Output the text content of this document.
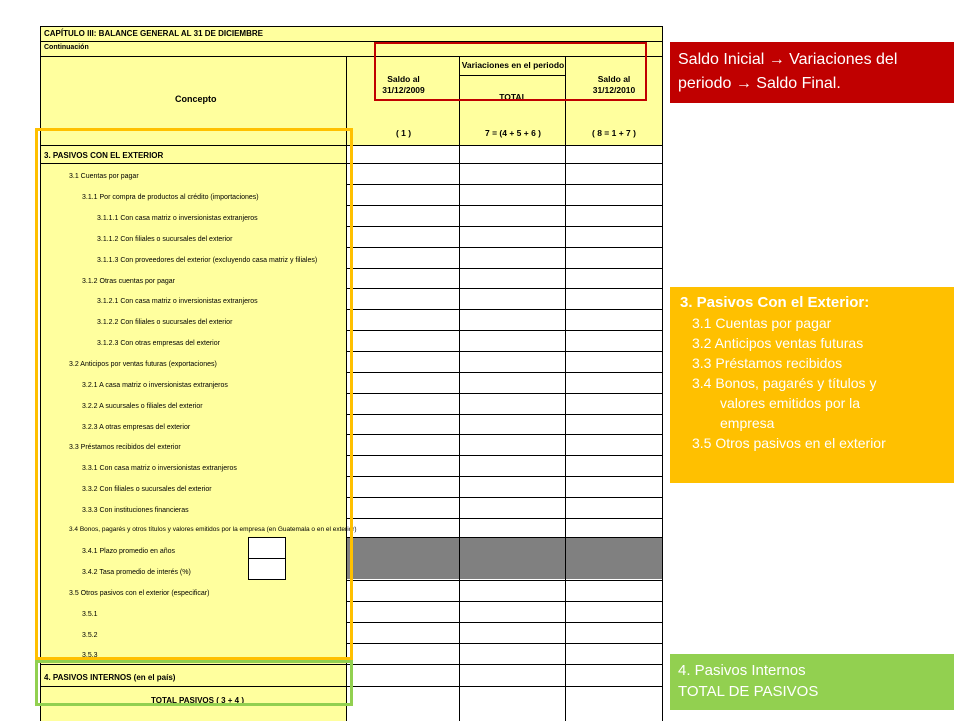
CAPÍTULO III: BALANCE GENERAL AL 31 DE DICIEMBRE
Continuación
Concepto
Saldo al
31/12/2009
Variaciones en el periodo
TOTAL
Saldo al
31/12/2010
( 1 )	7 = (4 + 5 + 6 )	( 8 = 1 + 7 )
3. PASIVOS CON EL EXTERIOR
3.1 Cuentas por pagar
3.1.1 Por compra de productos al crédito (importaciones)
3.1.1.1 Con casa matriz o inversionistas extranjeros
3.1.1.2 Con filiales o sucursales del exterior
3.1.1.3 Con proveedores del exterior (excluyendo casa matriz y filiales)
3.1.2 Otras cuentas por pagar
3.1.2.1 Con casa matriz o inversionistas extranjeros
3.1.2.2 Con filiales o sucursales del exterior
3.1.2.3 Con otras empresas del exterior
3.2 Anticipos por ventas futuras (exportaciones)
3.2.1 A casa matriz o inversionistas extranjeros
3.2.2 A sucursales o filiales del exterior
3.2.3 A otras empresas del exterior
3.3 Préstamos recibidos del exterior
3.3.1 Con casa matriz o inversionistas extranjeros
3.3.2 Con filiales o sucursales del exterior
3.3.3 Con instituciones financieras
3.4 Bonos, pagarés y otros títulos y valores emitidos por la empresa (en Guatemala o en el exterior)
3.4.1 Plazo promedio en años
3.4.2 Tasa promedio de interés (%)
3.5 Otros pasivos con el exterior (especificar)
3.5.1
3.5.2
3.5.3
4. PASIVOS INTERNOS (en el país)
TOTAL PASIVOS ( 3 + 4 )
Saldo Inicial → Variaciones del periodo → Saldo Final.
3. Pasivos Con el Exterior:
3.1 Cuentas por pagar
3.2 Anticipos ventas futuras
3.3 Préstamos recibidos
3.4 Bonos, pagarés y títulos y
valores emitidos por la
empresa
3.5 Otros pasivos en el exterior
4. Pasivos Internos
TOTAL DE PASIVOS
